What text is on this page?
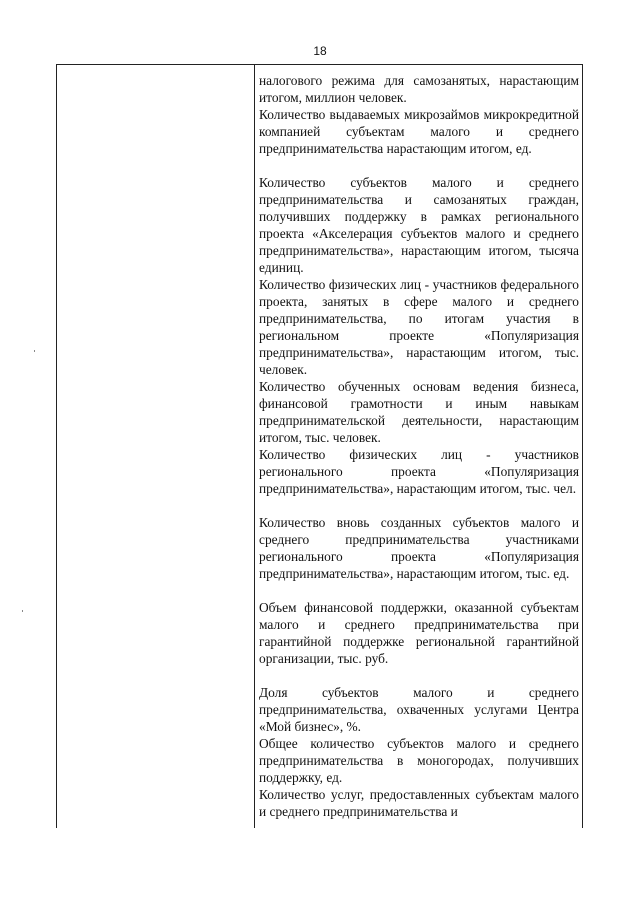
18

налогового режима для самозанятых, нарастающим итогом, миллион человек.

Количество выдаваемых микрозаймов микрокредитной компанией субъектам малого и среднего предпринимательства нарастающим итогом, ед.

Количество субъектов малого и среднего предпринимательства и самозанятых граждан, получивших поддержку в рамках регионального проекта «Акселерация субъектов малого и среднего предпринимательства», нарастающим итогом, тысяча единиц.

Количество физических лиц - участников федерального проекта, занятых в сфере малого и среднего предпринимательства, по итогам участия в региональном проекте «Популяризация предпринимательства», нарастающим итогом, тыс. человек.

Количество обученных основам ведения бизнеса, финансовой грамотности и иным навыкам предпринимательской деятельности, нарастающим итогом, тыс. человек.

Количество физических лиц - участников регионального проекта «Популяризация предпринимательства», нарастающим итогом, тыс. чел.

Количество вновь созданных субъектов малого и среднего предпринимательства участниками регионального проекта «Популяризация предпринимательства», нарастающим итогом, тыс. ед.

Объем финансовой поддержки, оказанной субъектам малого и среднего предпринимательства при гарантийной поддержке региональной гарантийной организации, тыс. руб.

Доля субъектов малого и среднего предпринимательства, охваченных услугами Центра «Мой бизнес», %.

Общее количество субъектов малого и среднего предпринимательства в моногородах, получивших поддержку, ед.

Количество услуг, предоставленных субъектам малого и среднего предпринимательства и
